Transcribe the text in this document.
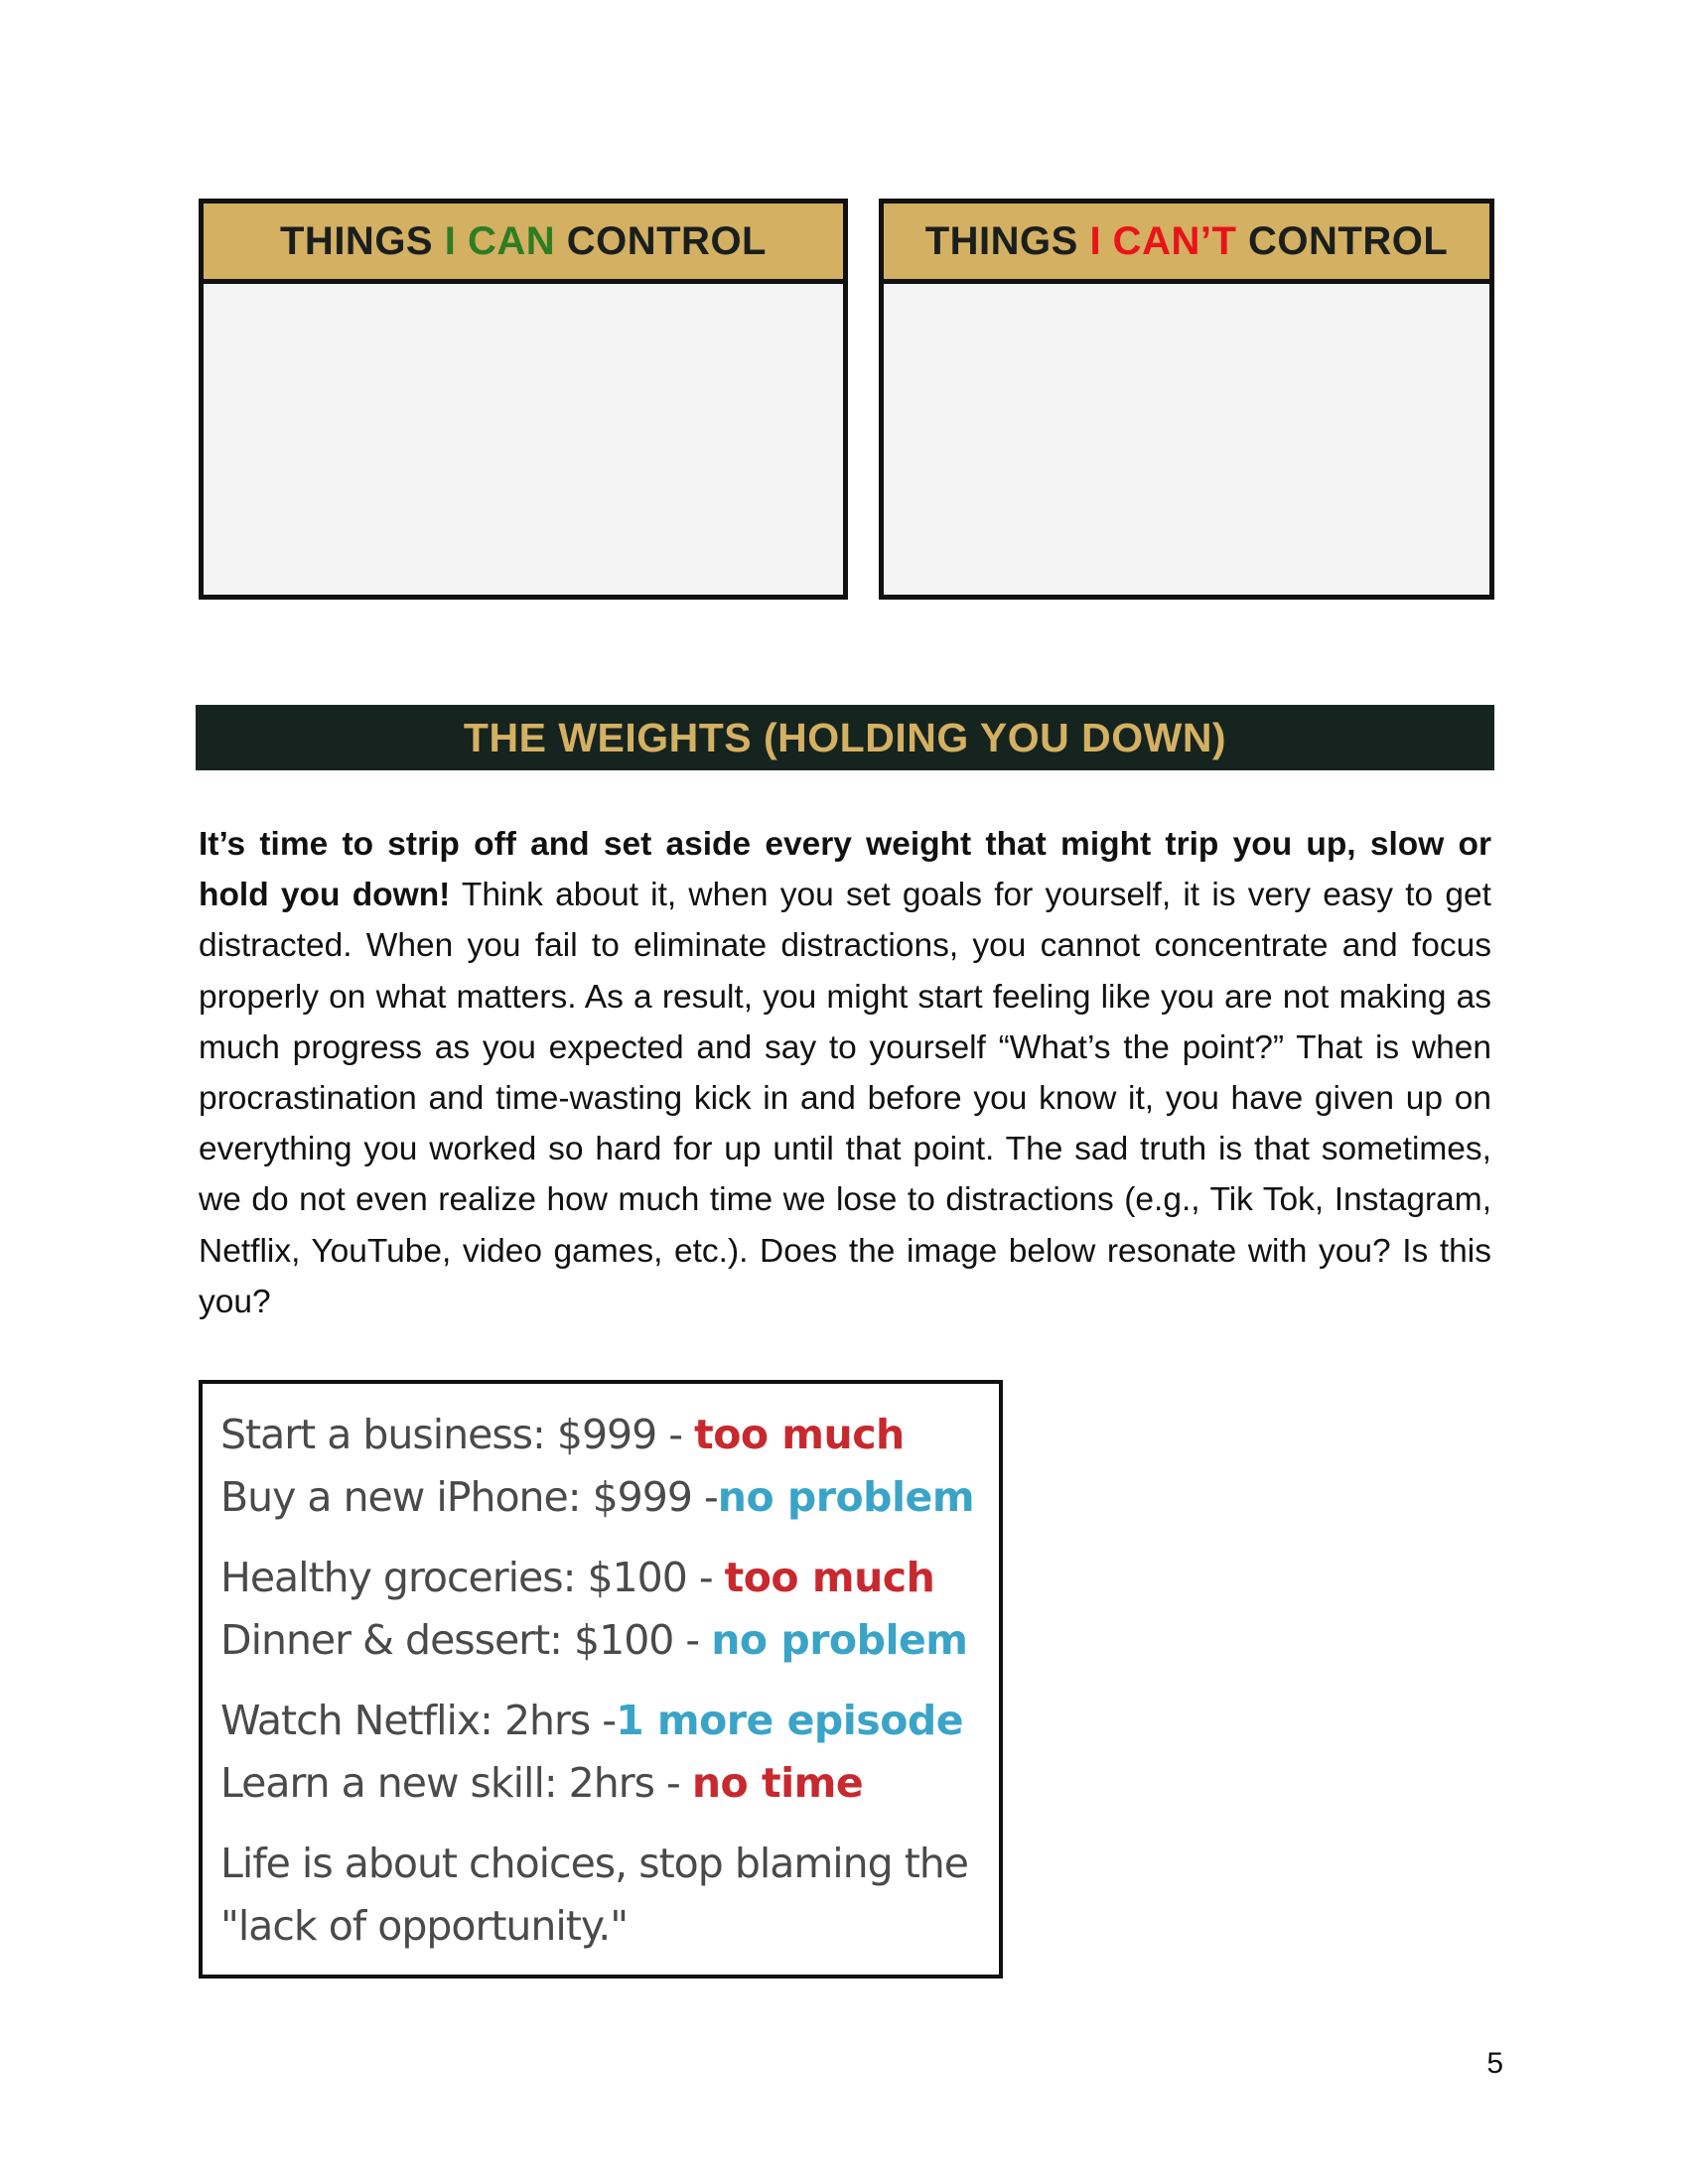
THINGS I CAN CONTROL	THINGS I CAN’T CONTROL
THE WEIGHTS (HOLDING YOU DOWN)
It’s time to strip off and set aside every weight that might trip you up, slow or hold you down! Think about it, when you set goals for yourself, it is very easy to get distracted. When you fail to eliminate distractions, you cannot concentrate and focus properly on what matters. As a result, you might start feeling like you are not making as much progress as you expected and say to yourself “What’s the point?” That is when procrastination and time-wasting kick in and before you know it, you have given up on everything you worked so hard for up until that point. The sad truth is that sometimes, we do not even realize how much time we lose to distractions (e.g., Tik Tok, Instagram, Netflix, YouTube, video games, etc.). Does the image below resonate with you? Is this you?
Start a business: $999 - too much
Buy a new iPhone: $999 -no problem
Healthy groceries: $100 - too much
Dinner & dessert: $100 - no problem
Watch Netflix: 2hrs -1 more episode
Learn a new skill: 2hrs - no time
Life is about choices, stop blaming the
"lack of opportunity."
5
